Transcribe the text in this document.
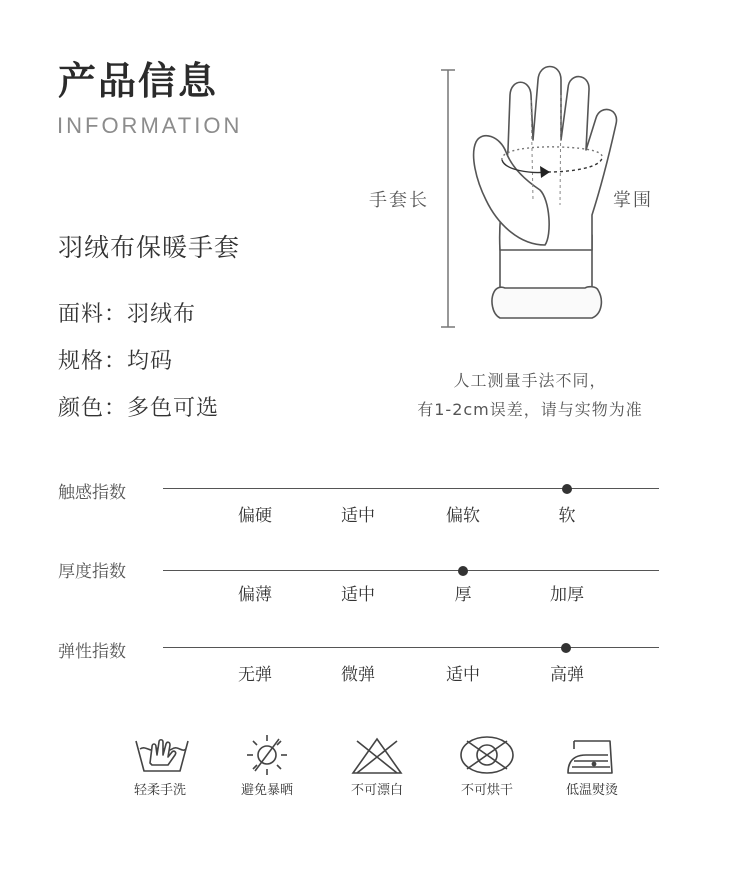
产品信息
INFORMATION
羽绒布保暖手套
面料：羽绒布
规格：均码
颜色：多色可选
手套长	掌围
人工测量手法不同，
有1-2cm误差，请与实物为准
触感指数
偏硬	适中	偏软	软
厚度指数
偏薄	适中	厚	加厚
弹性指数
无弹	微弹	适中	高弹
轻柔手洗	避免暴晒	不可漂白	不可烘干	低温熨烫
